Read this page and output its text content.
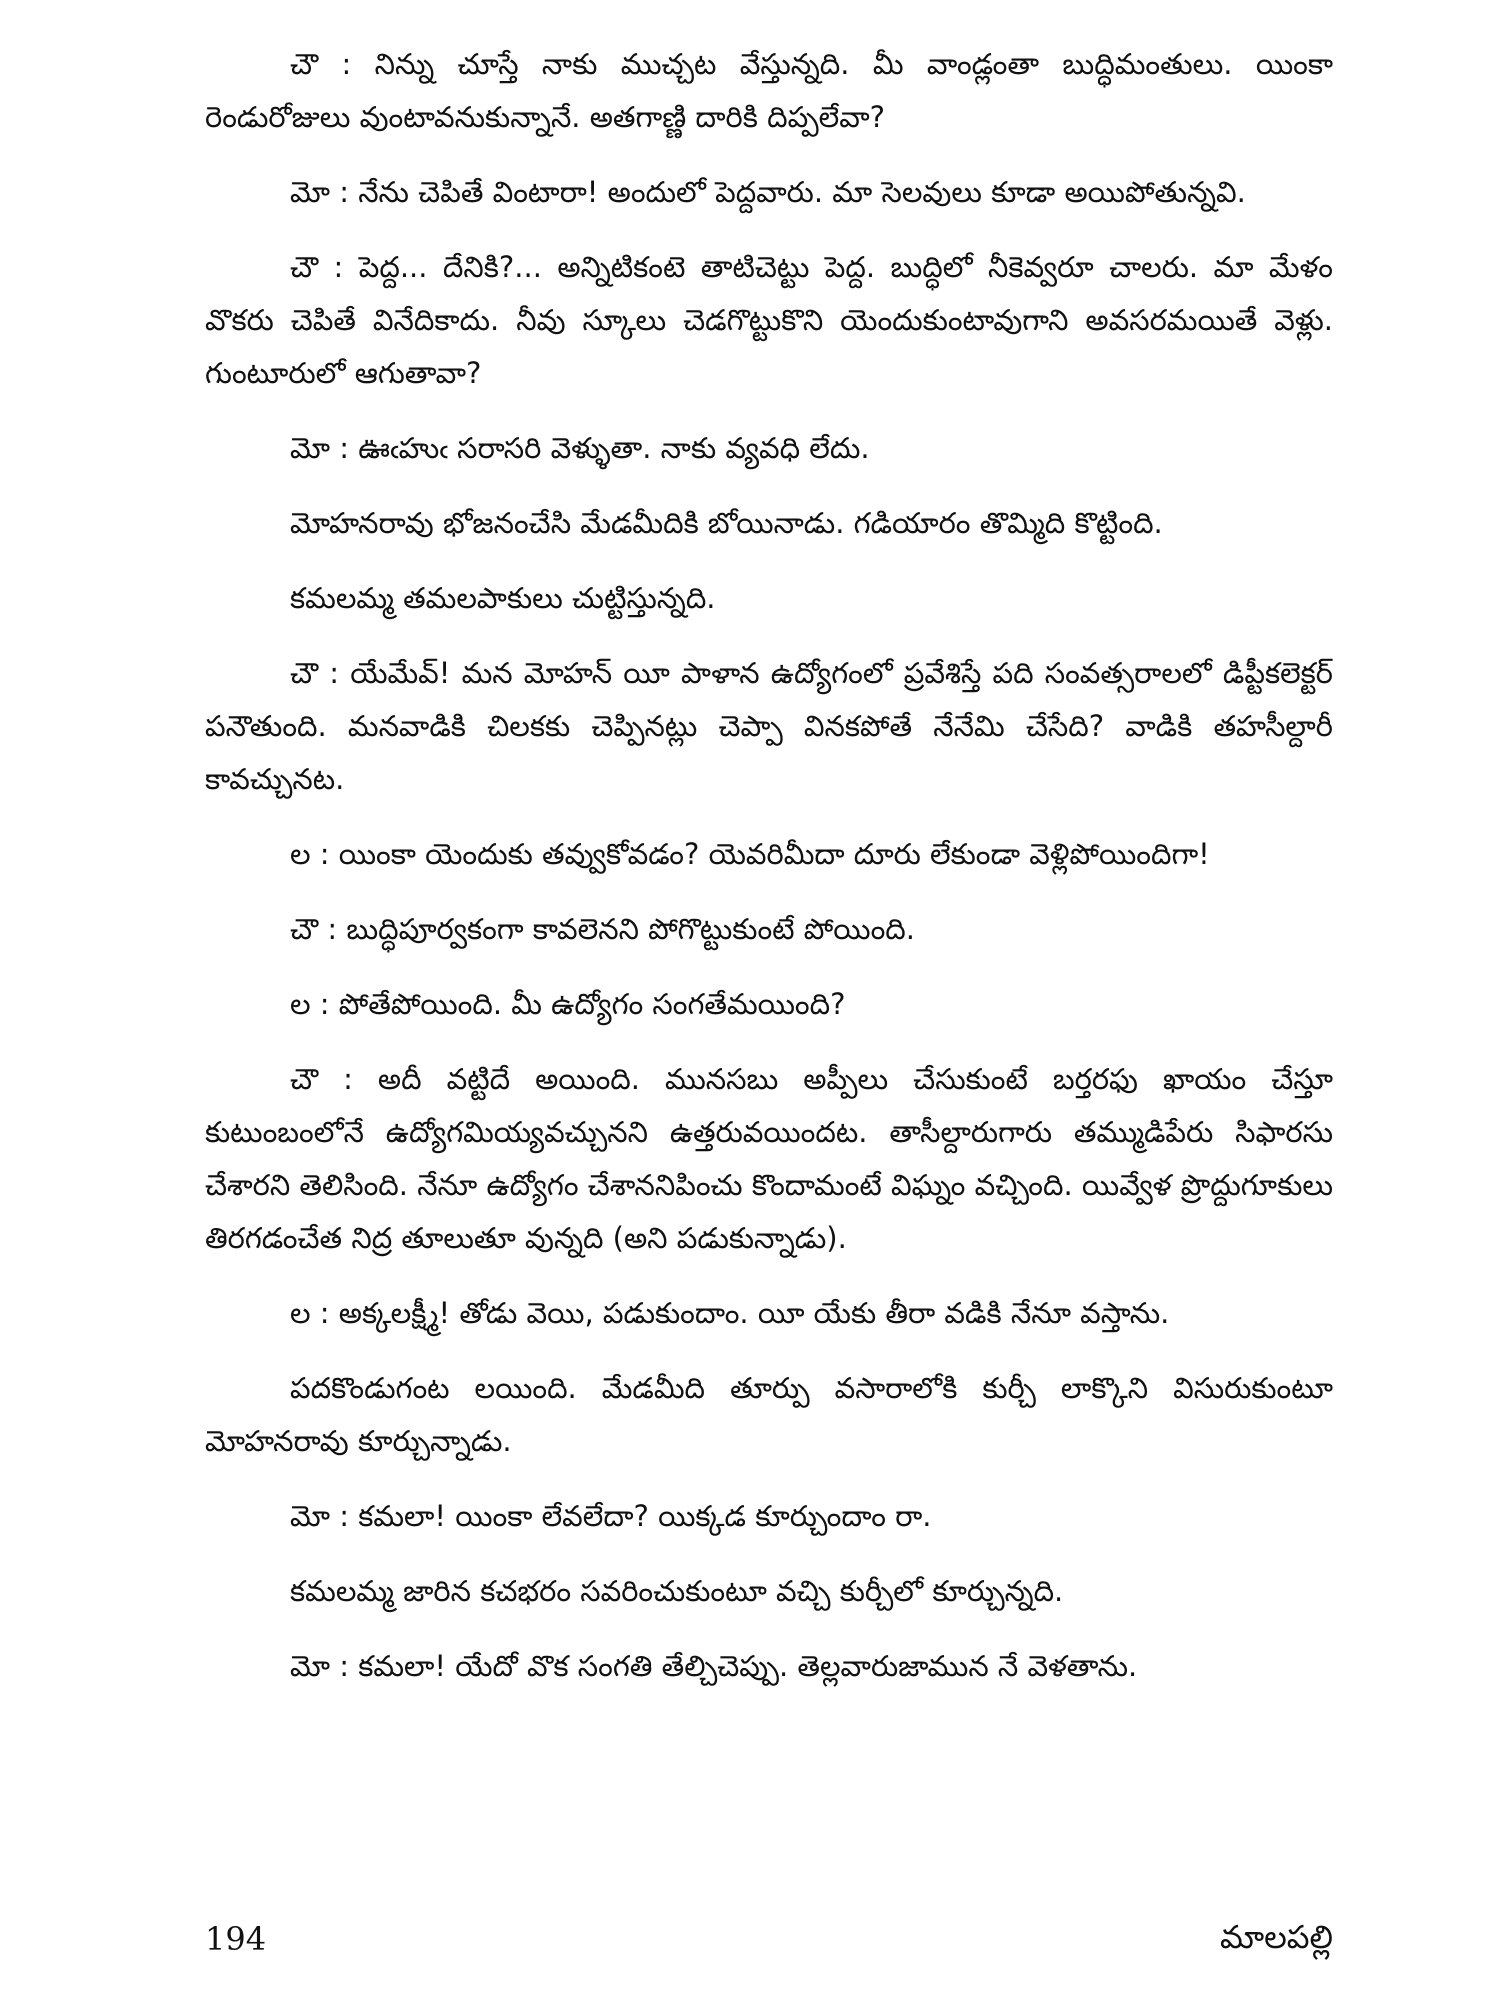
చౌ : నిన్ను చూస్తే నాకు ముచ్చట వేస్తున్నది. మీ వాండ్లంతా బుద్ధిమంతులు. యింకా రెండురోజులు వుంటావనుకున్నానే. అతగాణ్ణి దారికి దిప్పలేవా?

మో : నేను చెపితే వింటారా! అందులో పెద్దవారు. మా సెలవులు కూడా అయిపోతున్నవి.

చౌ : పెద్ద... దేనికి?... అన్నిటికంటె తాటిచెట్టు పెద్ద. బుద్ధిలో నీకెవ్వరూ చాలరు. మా మేళం వొకరు చెపితే వినేదికాదు. నీవు స్కూలు చెడగొట్టుకొని యెందుకుంటావుగాని అవసరమయితే వెళ్లు. గుంటూరులో ఆగుతావా?

మో : ఊఁహుఁ సరాసరి వెళ్ళుతా. నాకు వ్యవధి లేదు.

మోహనరావు భోజనంచేసి మేడమీదికి బోయినాడు. గడియారం తొమ్మిది కొట్టింది.

కమలమ్మ తమలపాకులు చుట్టిస్తున్నది.

చౌ : యేమేవ్! మన మోహన్ యీ పాళాన ఉద్యోగంలో ప్రవేశిస్తే పది సంవత్సరాలలో డిప్టీకలెక్టర్ పనౌతుంది. మనవాడికి చిలకకు చెప్పినట్లు చెప్పా వినకపోతే నేనేమి చేసేది? వాడికి తహసీల్దారీ కావచ్చునట.

ల : యింకా యెందుకు తవ్వుకోవడం? యెవరిమీదా దూరు లేకుండా వెళ్లిపోయిందిగా!

చౌ : బుద్ధిపూర్వకంగా కావలెనని పోగొట్టుకుంటే పోయింది.

ల : పోతేపోయింది. మీ ఉద్యోగం సంగతేమయింది?

చౌ : అదీ వట్టిదే అయింది. మునసబు అప్పీలు చేసుకుంటే బర్తరఫు ఖాయం చేస్తూ కుటుంబంలోనే ఉద్యోగమియ్యవచ్చునని ఉత్తరువయిందట. తాసీల్దారుగారు తమ్ముడిపేరు సిఫారసు చేశారని తెలిసింది. నేనూ ఉద్యోగం చేశాననిపించు కొందామంటే విఘ్నం వచ్చింది. యివ్వేళ ప్రొద్దుగూకులు తిరగడంచేత నిద్ర తూలుతూ వున్నది (అని పడుకున్నాడు).

ల : అక్కలక్ష్మీ! తోడు వెయి, పడుకుందాం. యీ యేకు తీరా వడికి నేనూ వస్తాను.

పదకొండుగంట లయింది. మేడమీది తూర్పు వసారాలోకి కుర్చీ లాక్కొని విసురుకుంటూ మోహనరావు కూర్చున్నాడు.

మో : కమలా! యింకా లేవలేదా? యిక్కడ కూర్చుందాం రా.

కమలమ్మ జారిన కచభరం సవరించుకుంటూ వచ్చి కుర్చీలో కూర్చున్నది.

మో : కమలా! యేదో వొక సంగతి తేల్చిచెప్పు. తెల్లవారుజామున నే వెళతాను.

194	మాలపల్లి
